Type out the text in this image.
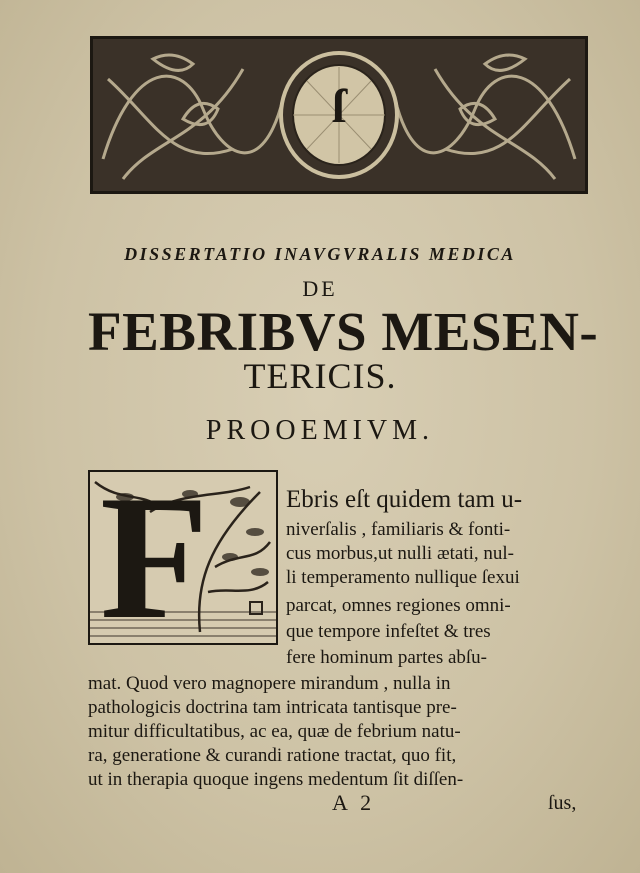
ſ
DISSERTATIO INAVGVRALIS MEDICA
DE
FEBRIBVS MESEN-
TERICIS.
PROOEMIVM.
F	Ebris eſt quidem tam u-
niverſalis , familiaris & fonti-
cus morbus,ut nulli ætati, nul-
li temperamento nullique ſexui
parcat, omnes regiones omni-
que tempore infeſtet & tres
fere hominum partes abſu-
mat. Quod vero magnopere mirandum , nulla in
pathologicis doctrina tam intricata tantisque pre-
mitur difficultatibus, ac ea, quæ de febrium natu-
ra, generatione & curandi ratione tractat, quo fit,
ut in therapia quoque ingens medentum ſit diſſen-
A 2	ſus,
